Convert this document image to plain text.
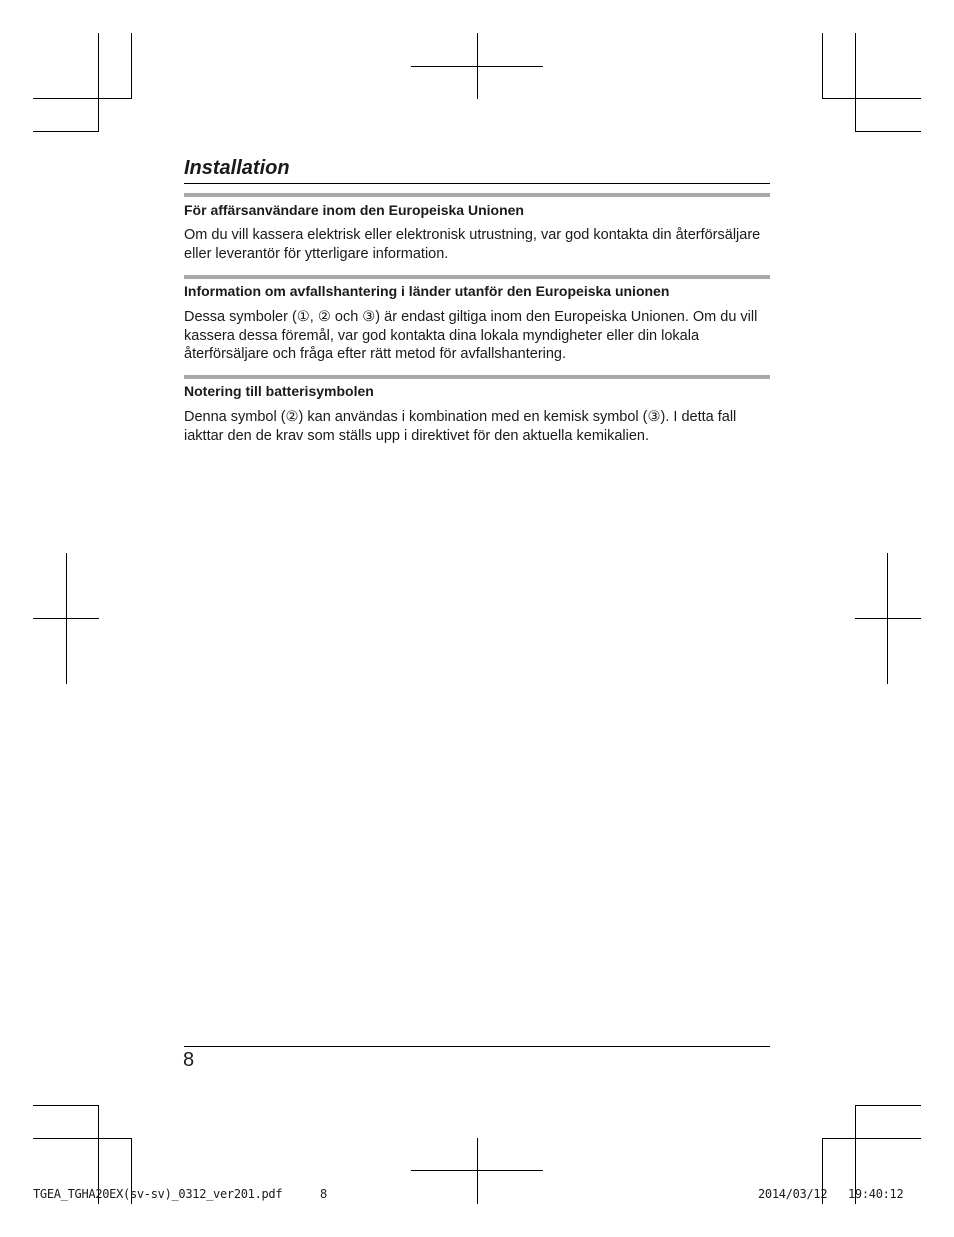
Installation
För affärsanvändare inom den Europeiska Unionen

Om du vill kassera elektrisk eller elektronisk utrustning, var god kontakta din återförsäljare
eller leverantör för ytterligare information.

Information om avfallshantering i länder utanför den Europeiska unionen

Dessa symboler (①, ② och ③) är endast giltiga inom den Europeiska Unionen. Om du vill
kassera dessa föremål, var god kontakta dina lokala myndigheter eller din lokala
återförsäljare och fråga efter rätt metod för avfallshantering.

Notering till batterisymbolen

Denna symbol (②) kan användas i kombination med en kemisk symbol (③). I detta fall
iakttar den de krav som ställs upp i direktivet för den aktuella kemikalien.

8
TGEA_TGHA20EX(sv-sv)_0312_ver201.pdf	8	2014/03/12 19:40:12
